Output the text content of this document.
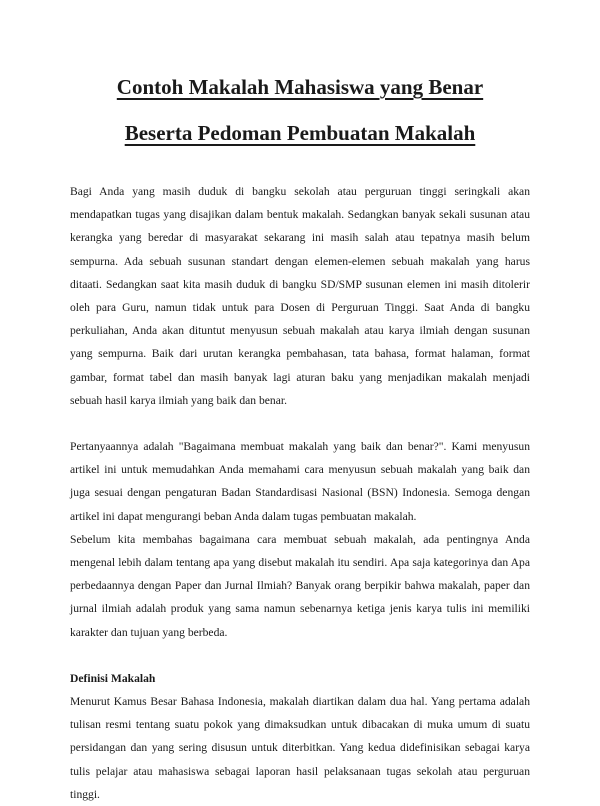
Contoh Makalah Mahasiswa yang Benar
Beserta Pedoman Pembuatan Makalah

Bagi Anda yang masih duduk di bangku sekolah atau perguruan tinggi seringkali akan mendapatkan tugas yang disajikan dalam bentuk makalah. Sedangkan banyak sekali susunan atau kerangka yang beredar di masyarakat sekarang ini masih salah atau tepatnya masih belum sempurna. Ada sebuah susunan standart dengan elemen-elemen sebuah makalah yang harus ditaati. Sedangkan saat kita masih duduk di bangku SD/SMP susunan elemen ini masih ditolerir oleh para Guru, namun tidak untuk para Dosen di Perguruan Tinggi. Saat Anda di bangku perkuliahan, Anda akan dituntut menyusun sebuah makalah atau karya ilmiah dengan susunan yang sempurna. Baik dari urutan kerangka pembahasan, tata bahasa, format halaman, format gambar, format tabel dan masih banyak lagi aturan baku yang menjadikan makalah menjadi sebuah hasil karya ilmiah yang baik dan benar.

Pertanyaannya adalah "Bagaimana membuat makalah yang baik dan benar?". Kami menyusun artikel ini untuk memudahkan Anda memahami cara menyusun sebuah makalah yang baik dan juga sesuai dengan pengaturan Badan Standardisasi Nasional (BSN) Indonesia. Semoga dengan artikel ini dapat mengurangi beban Anda dalam tugas pembuatan makalah.

Sebelum kita membahas bagaimana cara membuat sebuah makalah, ada pentingnya Anda mengenal lebih dalam tentang apa yang disebut makalah itu sendiri. Apa saja kategorinya dan Apa perbedaannya dengan Paper dan Jurnal Ilmiah? Banyak orang berpikir bahwa makalah, paper dan jurnal ilmiah adalah produk yang sama namun sebenarnya ketiga jenis karya tulis ini memiliki karakter dan tujuan yang berbeda.

Definisi Makalah

Menurut Kamus Besar Bahasa Indonesia, makalah diartikan dalam dua hal. Yang pertama adalah tulisan resmi tentang suatu pokok yang dimaksudkan untuk dibacakan di muka umum di suatu persidangan dan yang sering disusun untuk diterbitkan. Yang kedua didefinisikan sebagai karya tulis pelajar atau mahasiswa sebagai laporan hasil pelaksanaan tugas sekolah atau perguruan tinggi.
